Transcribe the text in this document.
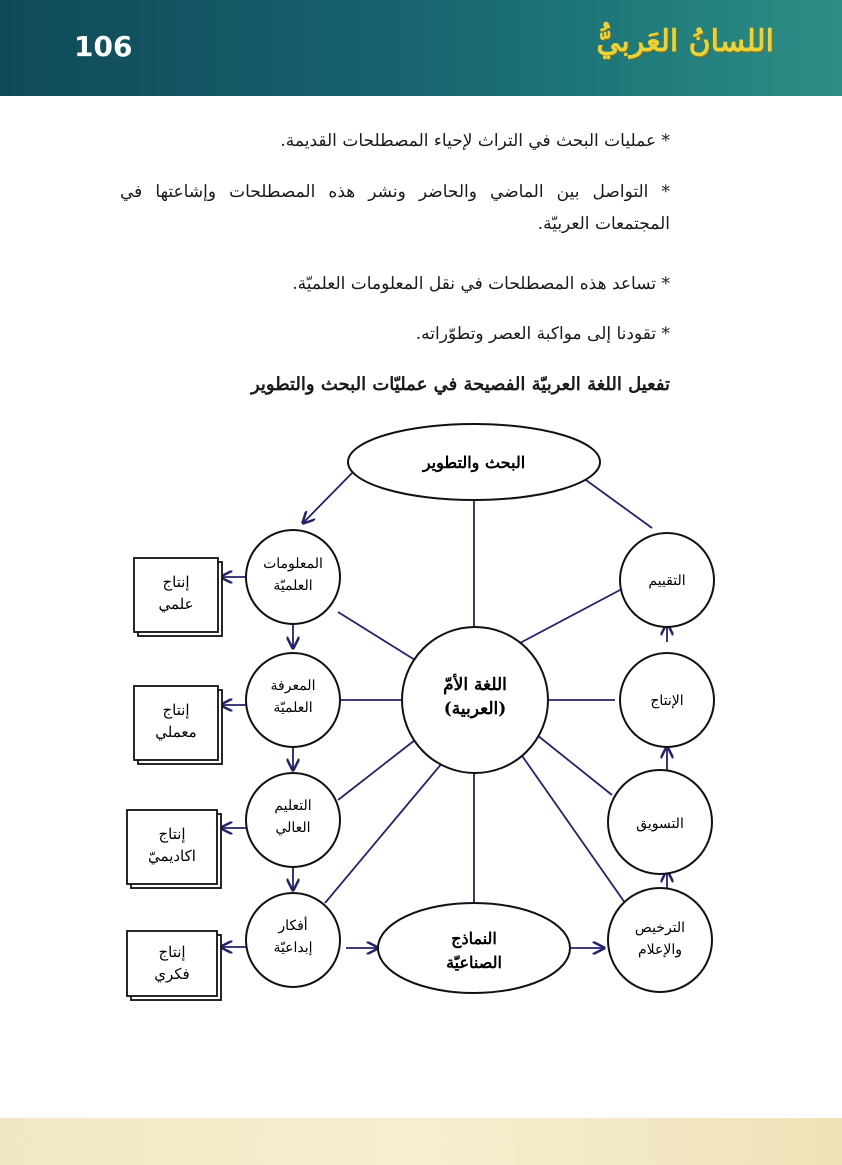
106	اللسانُ العَربيُّ
* عمليات البحث في التراث لإحياء المصطلحات القديمة.
* التواصل بين الماضي والحاضر ونشر هذه المصطلحات وإشاعتها في المجتمعات العربيّة.
* تساعد هذه المصطلحات في نقل المعلومات العلميّة.
* تقودنا إلى مواكبة العصر وتطوّراته.
تفعيل اللغة العربيّة الفصيحة في عمليّات البحث والتطوير
البحث والتطوير
النماذج
الصناعيّة
اللغة الأمّ
(العربية)
المعلومات
العلميّة
المعرفة
العلميّة
التعليم
العالي
أفكار
إبداعيّة
التقييم
الإنتاج
التسويق
الترخيص
والإعلام
إنتاج
علمي
إنتاج
معملي
إنتاج
اكاديميّ
إنتاج
فكري
